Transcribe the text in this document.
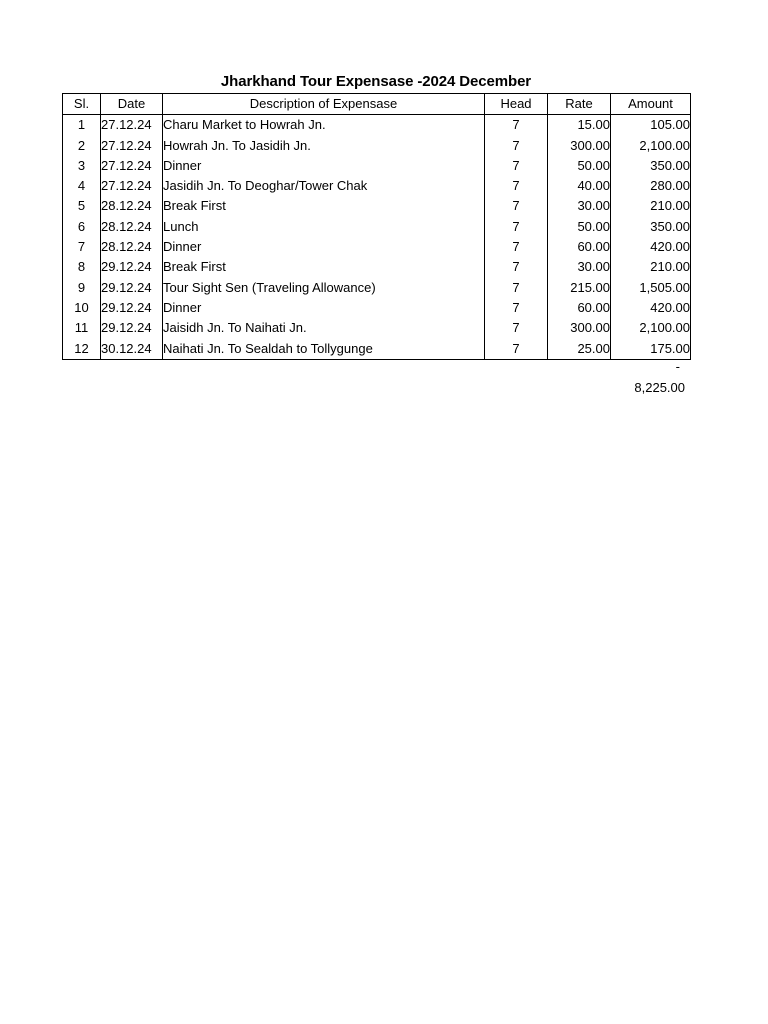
Jharkhand Tour Expensase -2024 December
Sl.	Date	Description of Expensase	Head	Rate	Amount
1	27.12.24	Charu Market to Howrah Jn.	7	15.00	105.00
2	27.12.24	Howrah Jn. To Jasidih Jn.	7	300.00	2,100.00
3	27.12.24	Dinner	7	50.00	350.00
4	27.12.24	Jasidih Jn. To Deoghar/Tower Chak	7	40.00	280.00
5	28.12.24	Break First	7	30.00	210.00
6	28.12.24	Lunch	7	50.00	350.00
7	28.12.24	Dinner	7	60.00	420.00
8	29.12.24	Break First	7	30.00	210.00
9	29.12.24	Tour Sight Sen (Traveling Allowance)	7	215.00	1,505.00
10	29.12.24	Dinner	7	60.00	420.00
11	29.12.24	Jaisidh Jn. To Naihati Jn.	7	300.00	2,100.00
12	30.12.24	Naihati Jn. To Sealdah to Tollygunge	7	25.00	175.00
-
8,225.00
